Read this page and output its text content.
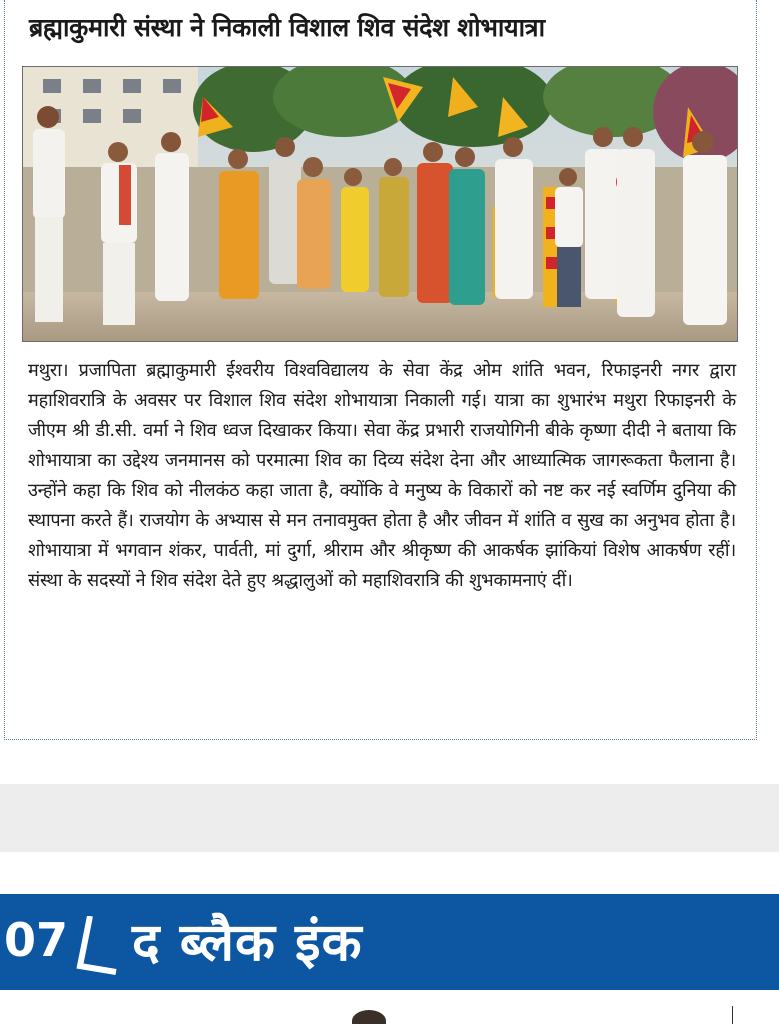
ब्रह्माकुमारी संस्था ने निकाली विशाल शिव संदेश शोभायात्रा

मथुरा। प्रजापिता ब्रह्माकुमारी ईश्वरीय विश्वविद्यालय के सेवा केंद्र ओम शांति भवन, रिफाइनरी नगर द्वारा महाशिवरात्रि के अवसर पर विशाल शिव संदेश शोभायात्रा निकाली गई। यात्रा का शुभारंभ मथुरा रिफाइनरी के जीएम श्री डी.सी. वर्मा ने शिव ध्वज दिखाकर किया। सेवा केंद्र प्रभारी राजयोगिनी बीके कृष्णा दीदी ने बताया कि शोभायात्रा का उद्देश्य जनमानस को परमात्मा शिव का दिव्य संदेश देना और आध्यात्मिक जागरूकता फैलाना है। उन्होंने कहा कि शिव को नीलकंठ कहा जाता है, क्योंकि वे मनुष्य के विकारों को नष्ट कर नई स्वर्णिम दुनिया की स्थापना करते हैं। राजयोग के अभ्यास से मन तनावमुक्त होता है और जीवन में शांति व सुख का अनुभव होता है। शोभायात्रा में भगवान शंकर, पार्वती, मां दुर्गा, श्रीराम और श्रीकृष्ण की आकर्षक झांकियां विशेष आकर्षण रहीं। संस्था के सदस्यों ने शिव संदेश देते हुए श्रद्धालुओं को महाशिवरात्रि की शुभकामनाएं दीं।

07 द ब्लैक इंक
